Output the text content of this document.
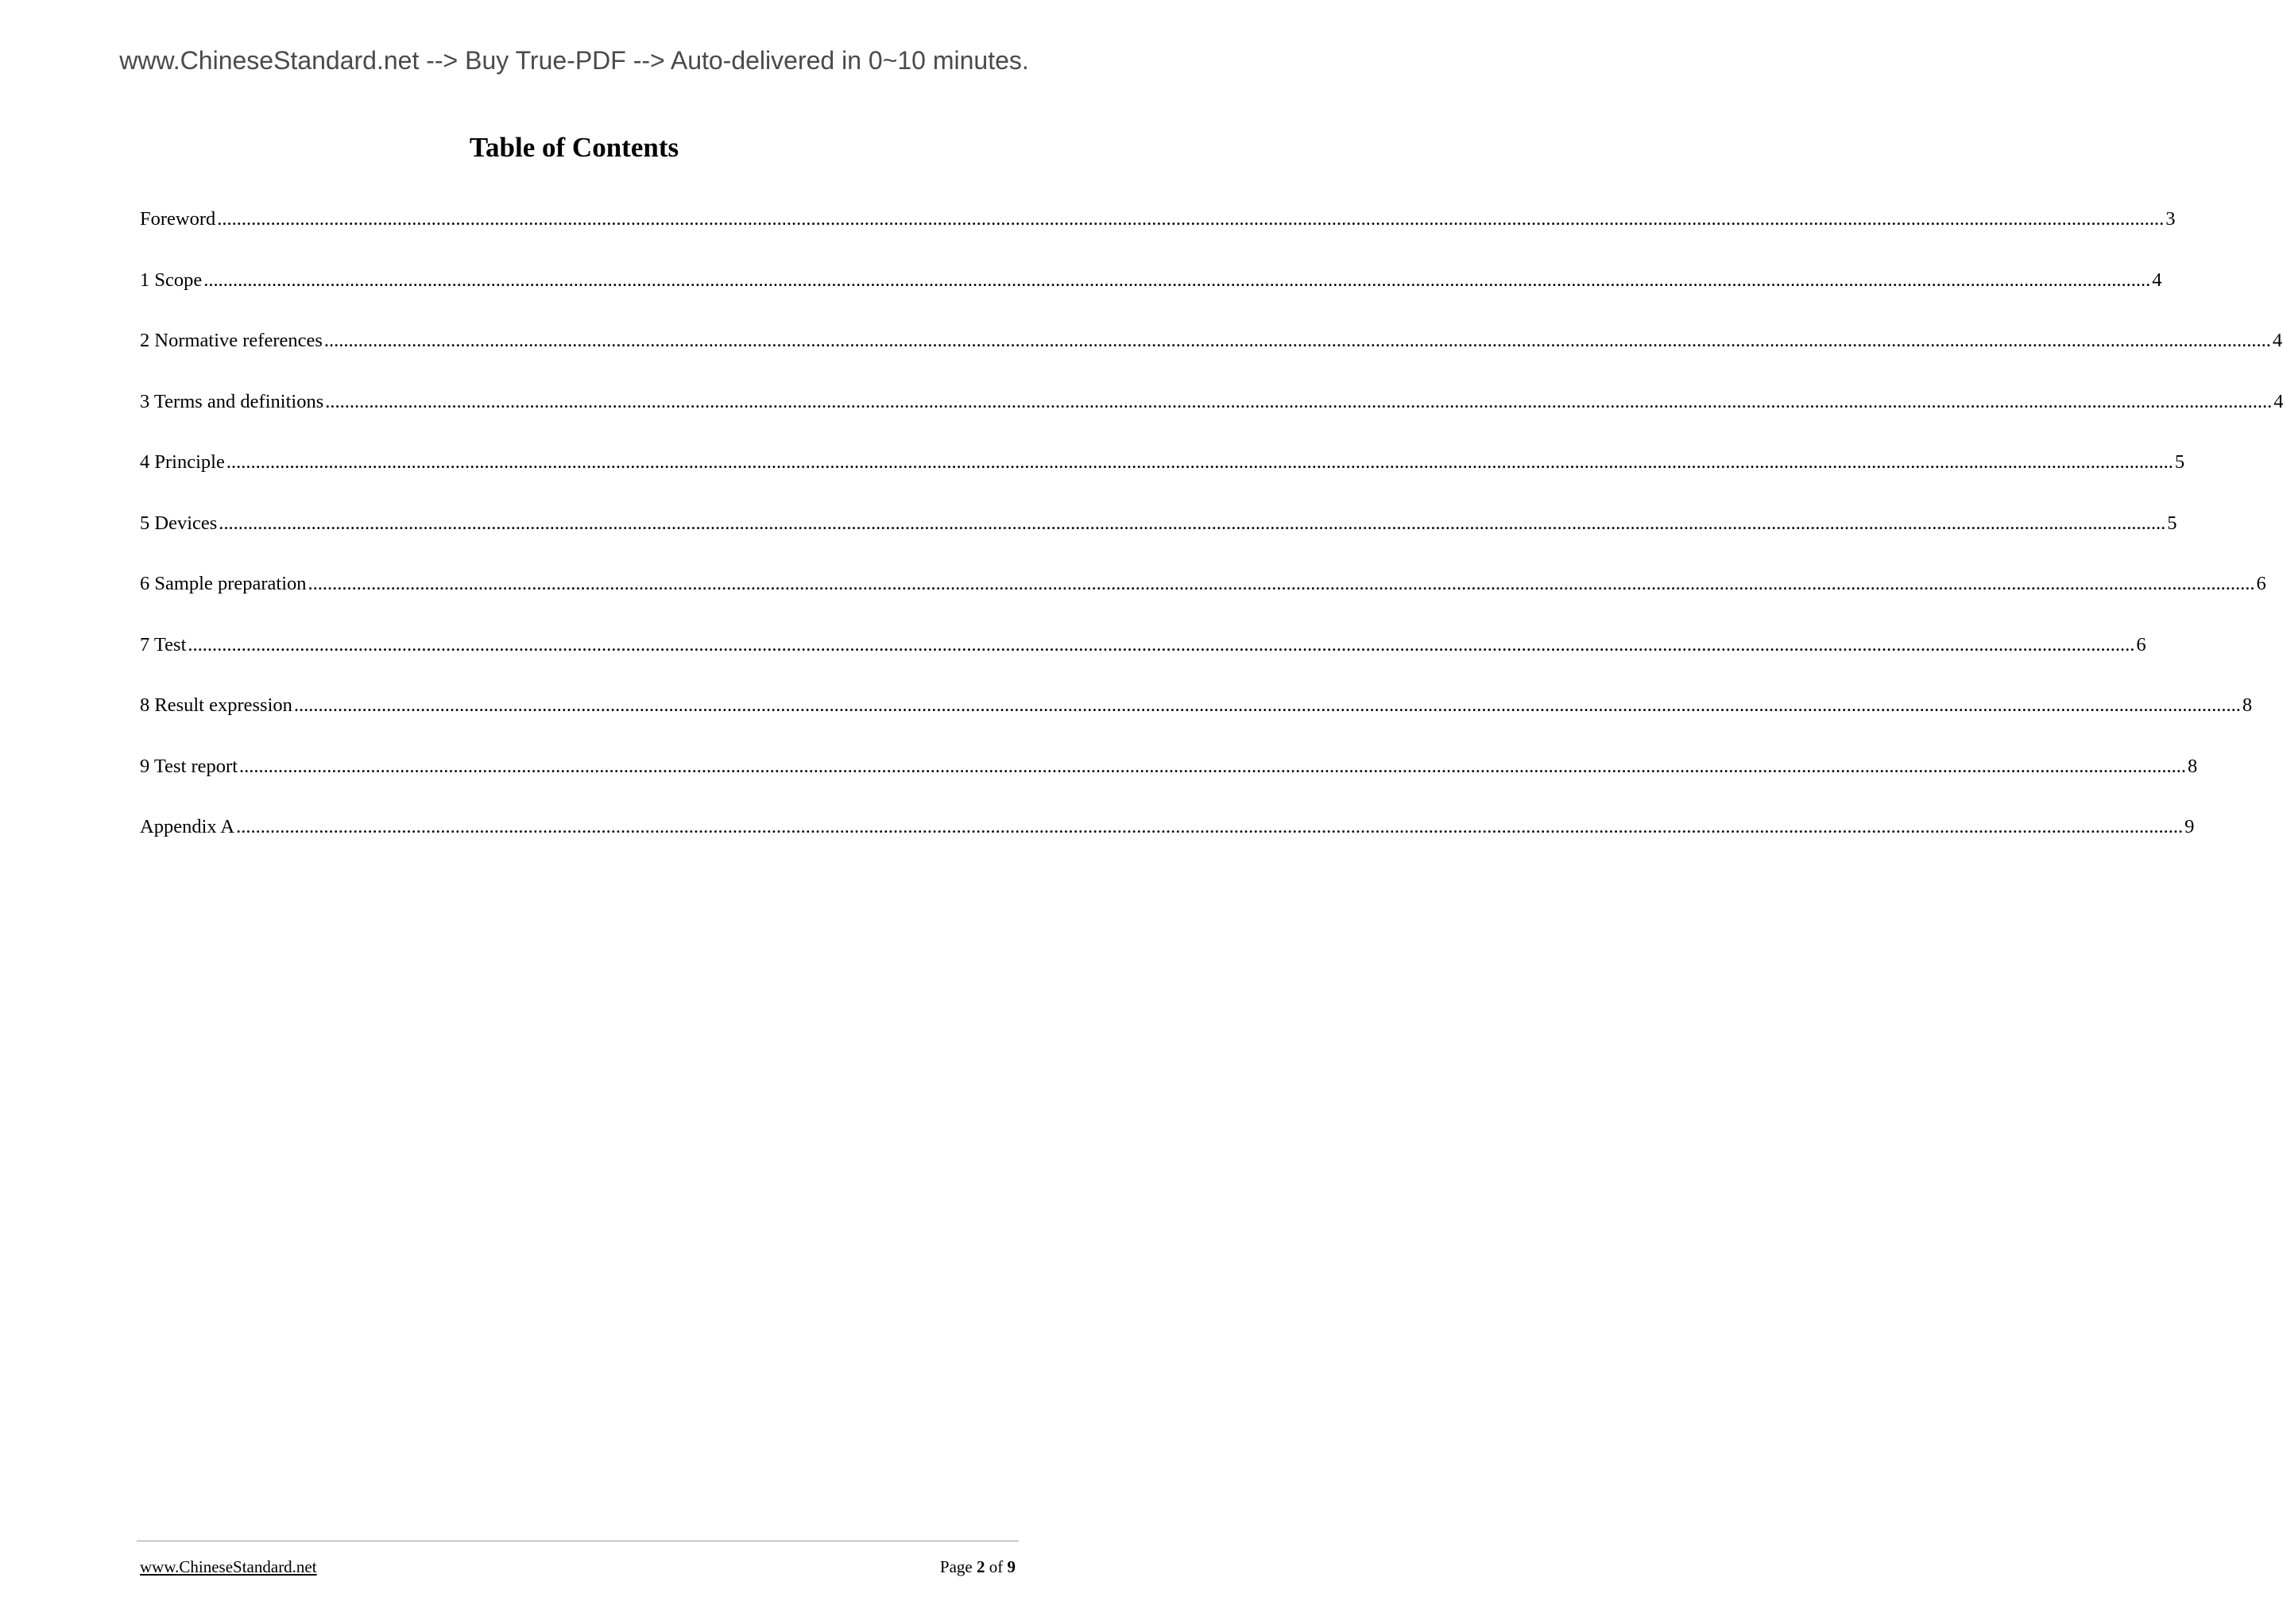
www.ChineseStandard.net --> Buy True-PDF --> Auto-delivered in 0~10 minutes.
Table of Contents
Foreword ................................................................................................................................................................................................................................................................................................................................................................................................................ 3
1 Scope ................................................................................................................................................................................................................................................................................................................................................................................................................ 4
2 Normative references ................................................................................................................................................................................................................................................................................................................................................................................................................ 4
3 Terms and definitions ................................................................................................................................................................................................................................................................................................................................................................................................................ 4
4 Principle ................................................................................................................................................................................................................................................................................................................................................................................................................ 5
5 Devices ................................................................................................................................................................................................................................................................................................................................................................................................................ 5
6 Sample preparation ................................................................................................................................................................................................................................................................................................................................................................................................................ 6
7 Test ................................................................................................................................................................................................................................................................................................................................................................................................................ 6
8 Result expression ................................................................................................................................................................................................................................................................................................................................................................................................................ 8
9 Test report ................................................................................................................................................................................................................................................................................................................................................................................................................ 8
Appendix A ................................................................................................................................................................................................................................................................................................................................................................................................................ 9
www.ChineseStandard.net	Page 2 of 9
